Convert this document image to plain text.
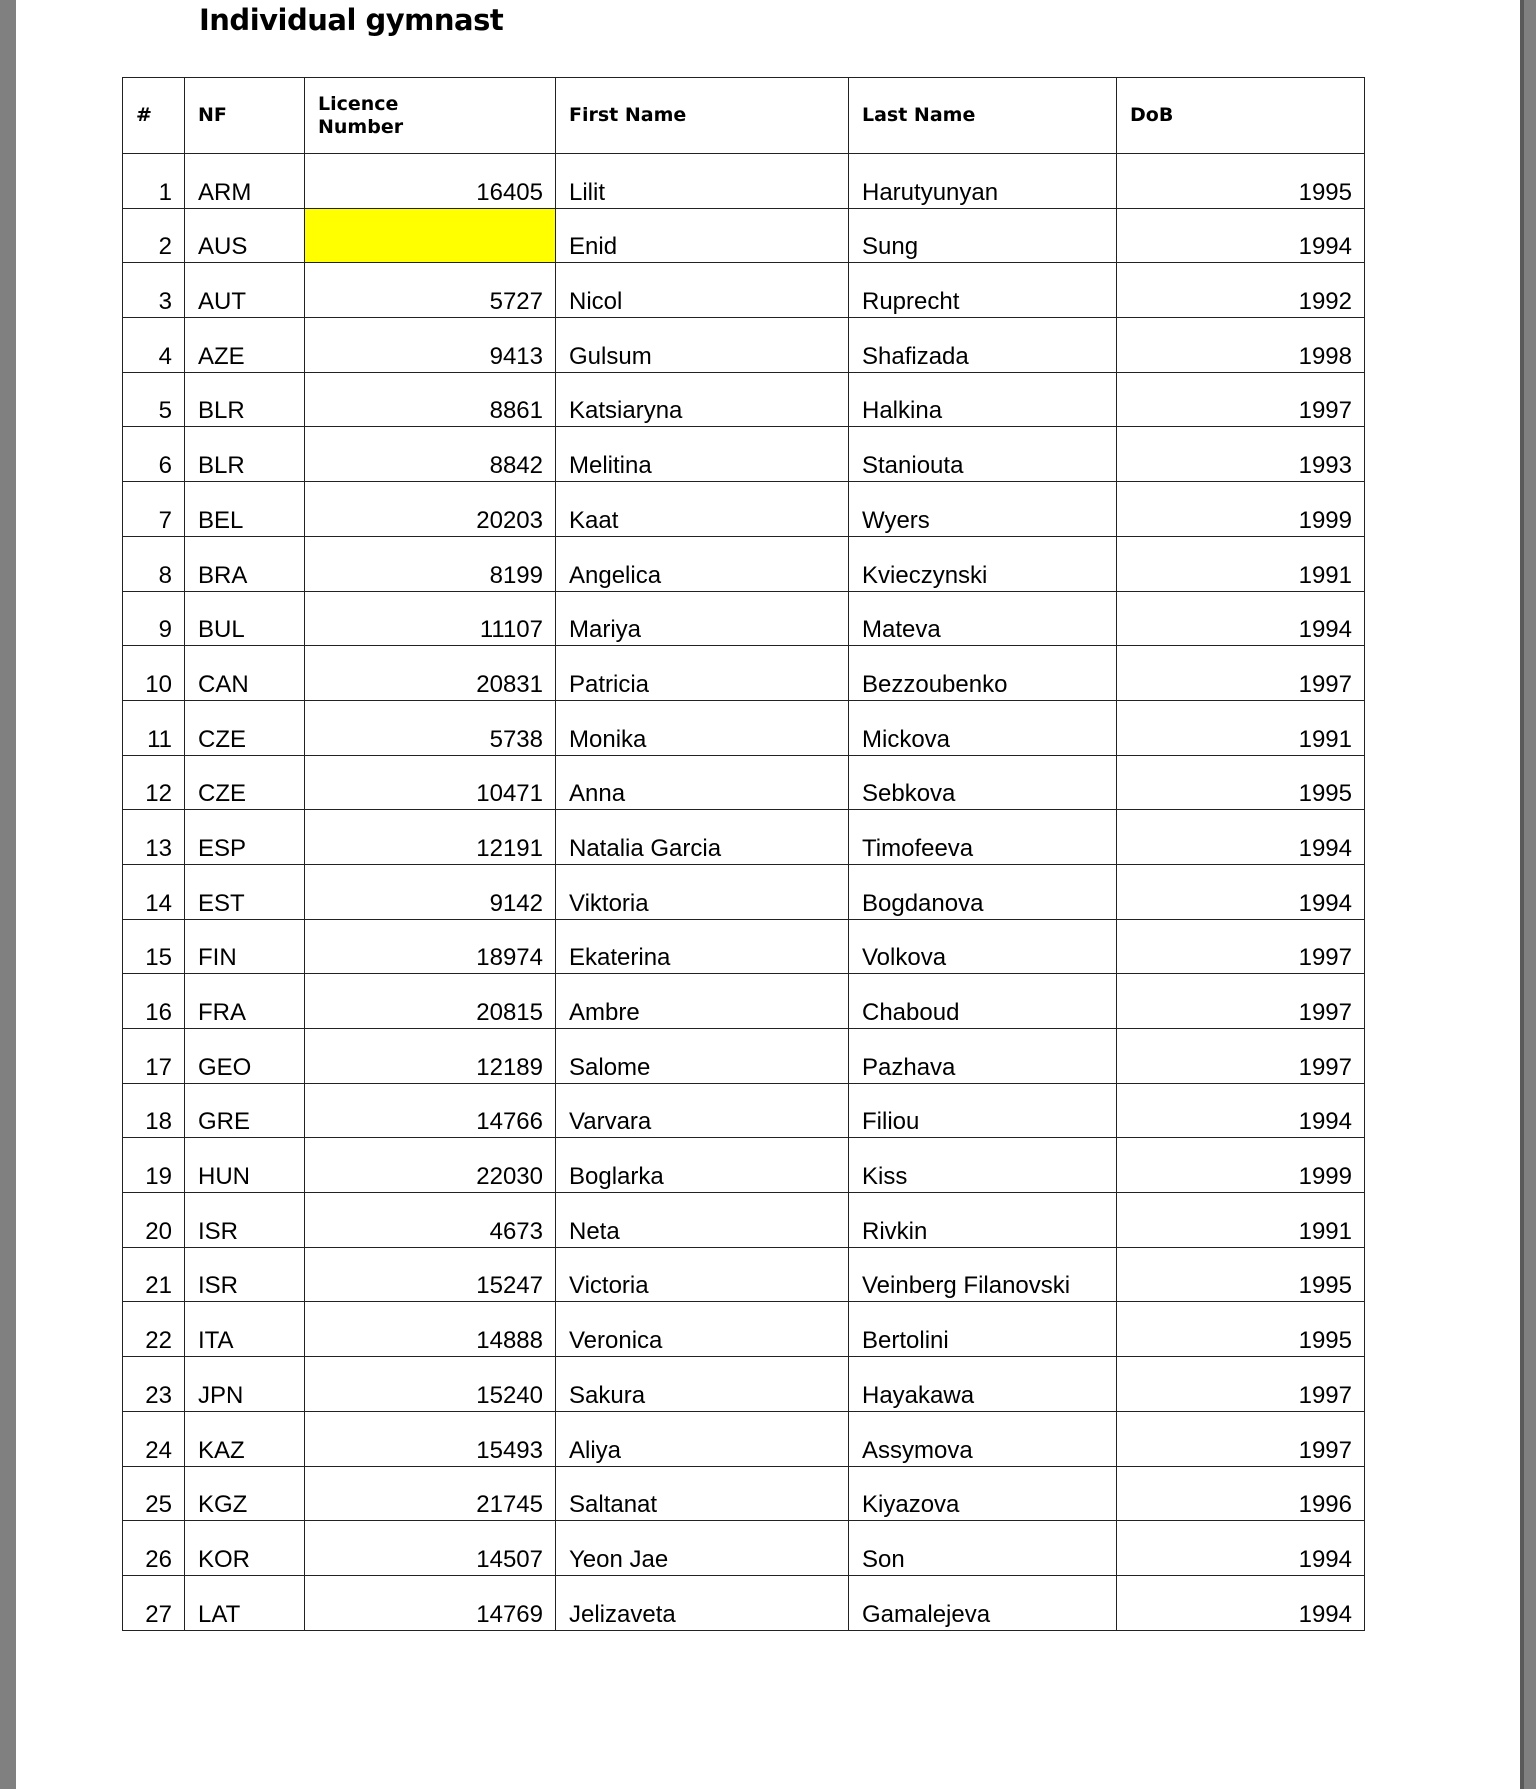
Individual gymnast
#	NF	Licence Number	First Name	Last Name	DoB
1	ARM	16405	Lilit	Harutyunyan	1995
2	AUS		Enid	Sung	1994
3	AUT	5727	Nicol	Ruprecht	1992
4	AZE	9413	Gulsum	Shafizada	1998
5	BLR	8861	Katsiaryna	Halkina	1997
6	BLR	8842	Melitina	Staniouta	1993
7	BEL	20203	Kaat	Wyers	1999
8	BRA	8199	Angelica	Kvieczynski	1991
9	BUL	11107	Mariya	Mateva	1994
10	CAN	20831	Patricia	Bezzoubenko	1997
11	CZE	5738	Monika	Mickova	1991
12	CZE	10471	Anna	Sebkova	1995
13	ESP	12191	Natalia Garcia	Timofeeva	1994
14	EST	9142	Viktoria	Bogdanova	1994
15	FIN	18974	Ekaterina	Volkova	1997
16	FRA	20815	Ambre	Chaboud	1997
17	GEO	12189	Salome	Pazhava	1997
18	GRE	14766	Varvara	Filiou	1994
19	HUN	22030	Boglarka	Kiss	1999
20	ISR	4673	Neta	Rivkin	1991
21	ISR	15247	Victoria	Veinberg Filanovski	1995
22	ITA	14888	Veronica	Bertolini	1995
23	JPN	15240	Sakura	Hayakawa	1997
24	KAZ	15493	Aliya	Assymova	1997
25	KGZ	21745	Saltanat	Kiyazova	1996
26	KOR	14507	Yeon Jae	Son	1994
27	LAT	14769	Jelizaveta	Gamalejeva	1994
